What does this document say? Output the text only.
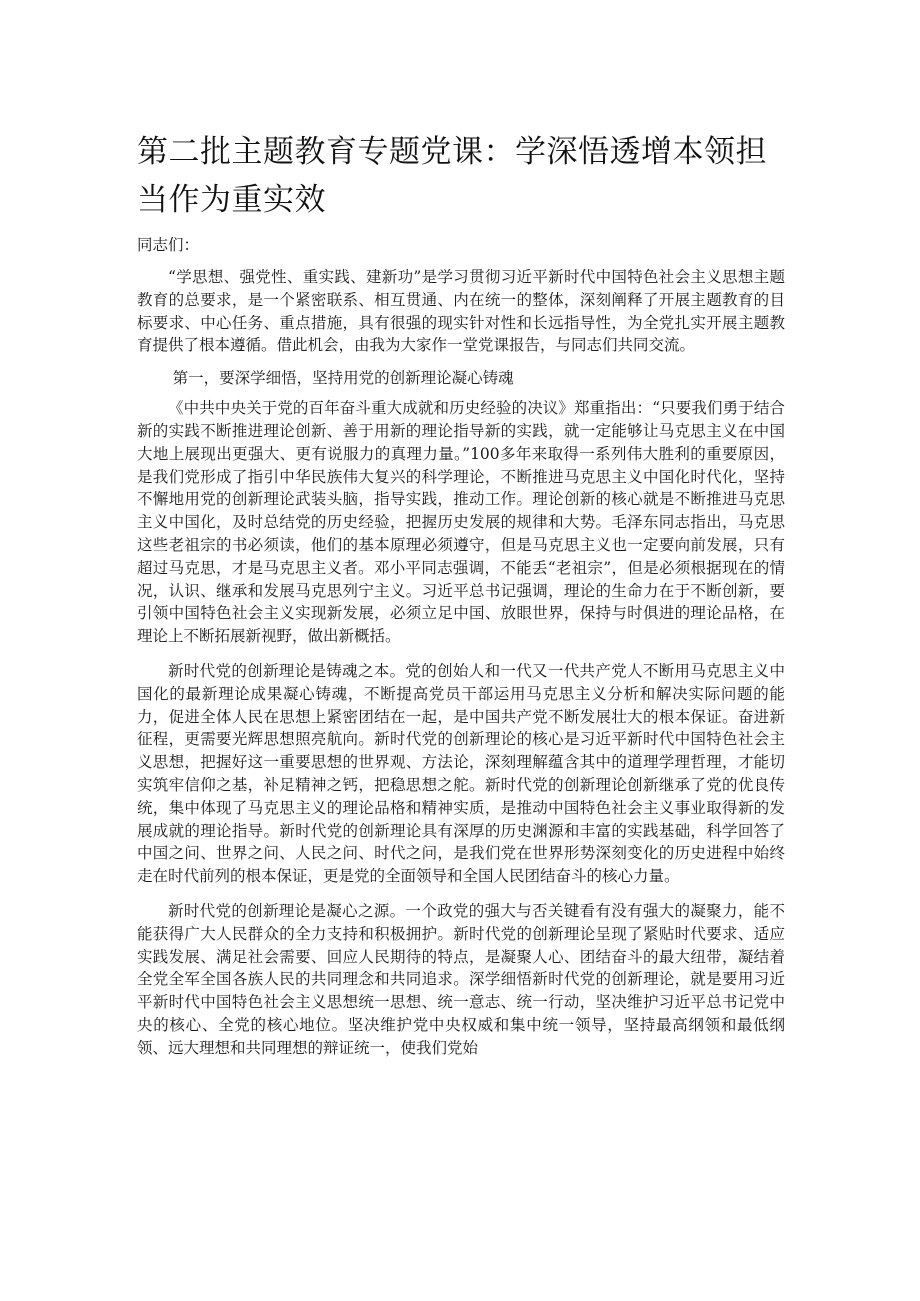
第二批主题教育专题党课：学深悟透增本领担当作为重实效

同志们：

“学思想、强党性、重实践、建新功”是学习贯彻习近平新时代中国特色社会主义思想主题教育的总要求，是一个紧密联系、相互贯通、内在统一的整体，深刻阐释了开展主题教育的目标要求、中心任务、重点措施，具有很强的现实针对性和长远指导性，为全党扎实开展主题教育提供了根本遵循。借此机会，由我为大家作一堂党课报告，与同志们共同交流。

第一，要深学细悟，坚持用党的创新理论凝心铸魂

《中共中央关于党的百年奋斗重大成就和历史经验的决议》郑重指出：“只要我们勇于结合新的实践不断推进理论创新、善于用新的理论指导新的实践，就一定能够让马克思主义在中国大地上展现出更强大、更有说服力的真理力量。”100多年来取得一系列伟大胜利的重要原因，是我们党形成了指引中华民族伟大复兴的科学理论，不断推进马克思主义中国化时代化，坚持不懈地用党的创新理论武装头脑，指导实践，推动工作。理论创新的核心就是不断推进马克思主义中国化，及时总结党的历史经验，把握历史发展的规律和大势。毛泽东同志指出，马克思这些老祖宗的书必须读，他们的基本原理必须遵守，但是马克思主义也一定要向前发展，只有超过马克思，才是马克思主义者。邓小平同志强调，不能丢“老祖宗”，但是必须根据现在的情况，认识、继承和发展马克思列宁主义。习近平总书记强调，理论的生命力在于不断创新，要引领中国特色社会主义实现新发展，必须立足中国、放眼世界，保持与时俱进的理论品格，在理论上不断拓展新视野，做出新概括。

新时代党的创新理论是铸魂之本。党的创始人和一代又一代共产党人不断用马克思主义中国化的最新理论成果凝心铸魂，不断提高党员干部运用马克思主义分析和解决实际问题的能力，促进全体人民在思想上紧密团结在一起，是中国共产党不断发展壮大的根本保证。奋进新征程，更需要光辉思想照亮航向。新时代党的创新理论的核心是习近平新时代中国特色社会主义思想，把握好这一重要思想的世界观、方法论，深刻理解蕴含其中的道理学理哲理，才能切实筑牢信仰之基，补足精神之钙，把稳思想之舵。新时代党的创新理论创新继承了党的优良传统，集中体现了马克思主义的理论品格和精神实质，是推动中国特色社会主义事业取得新的发展成就的理论指导。新时代党的创新理论具有深厚的历史渊源和丰富的实践基础，科学回答了中国之问、世界之问、人民之问、时代之问，是我们党在世界形势深刻变化的历史进程中始终走在时代前列的根本保证，更是党的全面领导和全国人民团结奋斗的核心力量。

新时代党的创新理论是凝心之源。一个政党的强大与否关键看有没有强大的凝聚力，能不能获得广大人民群众的全力支持和积极拥护。新时代党的创新理论呈现了紧贴时代要求、适应实践发展、满足社会需要、回应人民期待的特点，是凝聚人心、团结奋斗的最大纽带，凝结着全党全军全国各族人民的共同理念和共同追求。深学细悟新时代党的创新理论，就是要用习近平新时代中国特色社会主义思想统一思想、统一意志、统一行动，坚决维护习近平总书记党中央的核心、全党的核心地位。坚决维护党中央权威和集中统一领导，坚持最高纲领和最低纲领、远大理想和共同理想的辩证统一，使我们党始
